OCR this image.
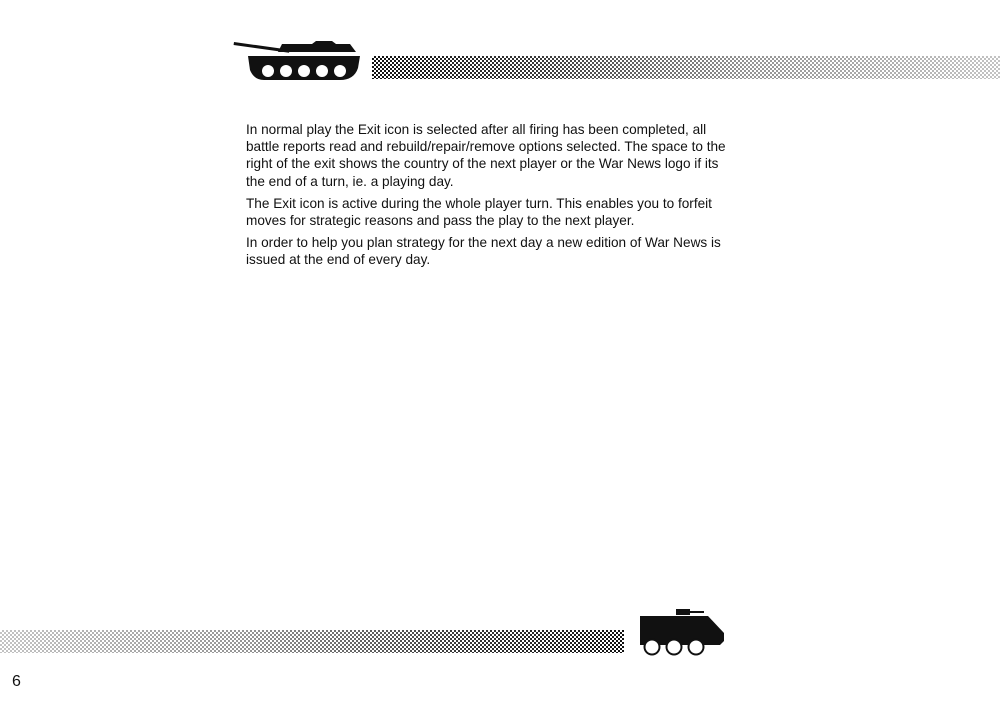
In normal play the Exit icon is selected after all firing has been completed, all battle reports read and rebuild/repair/remove options selected. The space to the right of the exit shows the country of the next player or the War News logo if its the end of a turn, ie. a playing day.

The Exit icon is active during the whole player turn. This enables you to forfeit moves for strategic reasons and pass the play to the next player.

In order to help you plan strategy for the next day a new edition of War News is issued at the end of every day.

6
